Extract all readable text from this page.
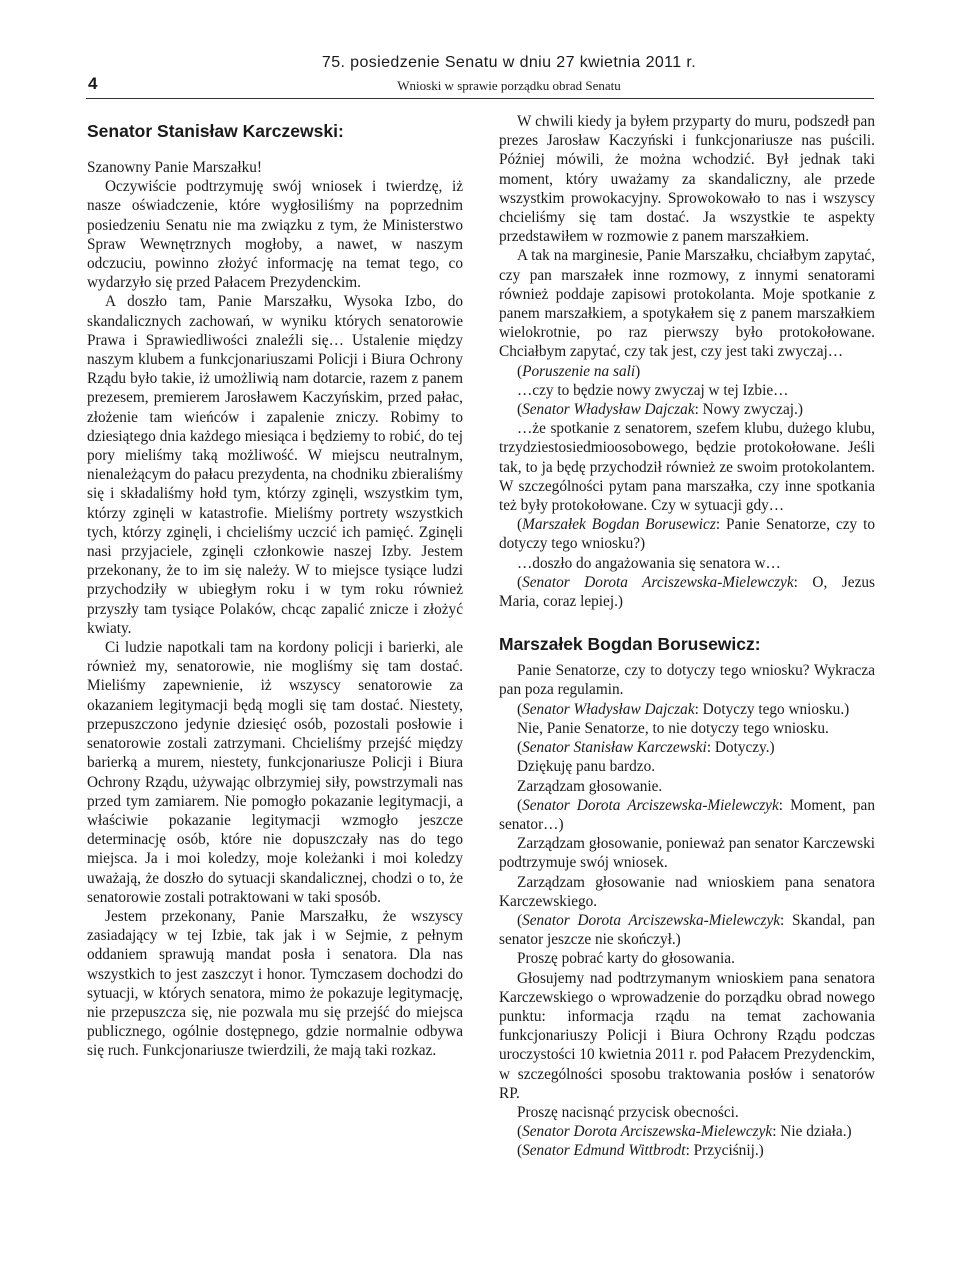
4
75. posiedzenie Senatu w dniu 27 kwietnia 2011 r.
Wnioski w sprawie porządku obrad Senatu
Senator Stanisław Karczewski:

Szanowny Panie Marszałku!

Oczywiście podtrzymuję swój wniosek i twierdzę, iż nasze oświadczenie, które wygłosiliśmy na poprzednim posiedzeniu Senatu nie ma związku z tym, że Ministerstwo Spraw Wewnętrznych mogłoby, a nawet, w naszym odczuciu, powinno złożyć informację na temat tego, co wydarzyło się przed Pałacem Prezydenckim.

A doszło tam, Panie Marszałku, Wysoka Izbo, do skandalicznych zachowań, w wyniku których senatorowie Prawa i Sprawiedliwości znaleźli się… Ustalenie między naszym klubem a funkcjonariuszami Policji i Biura Ochrony Rządu było takie, iż umożliwią nam dotarcie, razem z panem prezesem, premierem Jarosławem Kaczyńskim, przed pałac, złożenie tam wieńców i zapalenie zniczy. Robimy to dziesiątego dnia każdego miesiąca i będziemy to robić, do tej pory mieliśmy taką możliwość. W miejscu neutralnym, nienależącym do pałacu prezydenta, na chodniku zbieraliśmy się i składaliśmy hołd tym, którzy zginęli, wszystkim tym, którzy zginęli w katastrofie. Mieliśmy portrety wszystkich tych, którzy zginęli, i chcieliśmy uczcić ich pamięć. Zginęli nasi przyjaciele, zginęli członkowie naszej Izby. Jestem przekonany, że to im się należy. W to miejsce tysiące ludzi przychodziły w ubiegłym roku i w tym roku również przyszły tam tysiące Polaków, chcąc zapalić znicze i złożyć kwiaty.

Ci ludzie napotkali tam na kordony policji i barierki, ale również my, senatorowie, nie mogliśmy się tam dostać. Mieliśmy zapewnienie, iż wszyscy senatorowie za okazaniem legitymacji będą mogli się tam dostać. Niestety, przepuszczono jedynie dziesięć osób, pozostali posłowie i senatorowie zostali zatrzymani. Chcieliśmy przejść między barierką a murem, niestety, funkcjonariusze Policji i Biura Ochrony Rządu, używając olbrzymiej siły, powstrzymali nas przed tym zamiarem. Nie pomogło pokazanie legitymacji, a właściwie pokazanie legitymacji wzmogło jeszcze determinację osób, które nie dopuszczały nas do tego miejsca. Ja i moi koledzy, moje koleżanki i moi koledzy uważają, że doszło do sytuacji skandalicznej, chodzi o to, że senatorowie zostali potraktowani w taki sposób.

Jestem przekonany, Panie Marszałku, że wszyscy zasiadający w tej Izbie, tak jak i w Sejmie, z pełnym oddaniem sprawują mandat posła i senatora. Dla nas wszystkich to jest zaszczyt i honor. Tymczasem dochodzi do sytuacji, w których senatora, mimo że pokazuje legitymację, nie przepuszcza się, nie pozwala mu się przejść do miejsca publicznego, ogólnie dostępnego, gdzie normalnie odbywa się ruch. Funkcjonariusze twierdzili, że mają taki rozkaz.

W chwili kiedy ja byłem przyparty do muru, podszedł pan prezes Jarosław Kaczyński i funkcjonariusze nas puścili. Później mówili, że można wchodzić. Był jednak taki moment, który uważamy za skandaliczny, ale przede wszystkim prowokacyjny. Sprowokowało to nas i wszyscy chcieliśmy się tam dostać. Ja wszystkie te aspekty przedstawiłem w rozmowie z panem marszałkiem.

A tak na marginesie, Panie Marszałku, chciałbym zapytać, czy pan marszałek inne rozmowy, z innymi senatorami również poddaje zapisowi protokolanta. Moje spotkanie z panem marszałkiem, a spotykałem się z panem marszałkiem wielokrotnie, po raz pierwszy było protokołowane. Chciałbym zapytać, czy tak jest, czy jest taki zwyczaj…

(Poruszenie na sali)

…czy to będzie nowy zwyczaj w tej Izbie…

(Senator Władysław Dajczak: Nowy zwyczaj.)

…że spotkanie z senatorem, szefem klubu, dużego klubu, trzydziestosiedmioosobowego, będzie protokołowane. Jeśli tak, to ja będę przychodził również ze swoim protokolantem. W szczególności pytam pana marszałka, czy inne spotkania też były protokołowane. Czy w sytuacji gdy…

(Marszałek Bogdan Borusewicz: Panie Senatorze, czy to dotyczy tego wniosku?)

…doszło do angażowania się senatora w…

(Senator Dorota Arciszewska-Mielewczyk: O, Jezus Maria, coraz lepiej.)

Marszałek Bogdan Borusewicz:

Panie Senatorze, czy to dotyczy tego wniosku? Wykracza pan poza regulamin.

(Senator Władysław Dajczak: Dotyczy tego wniosku.)

Nie, Panie Senatorze, to nie dotyczy tego wniosku.

(Senator Stanisław Karczewski: Dotyczy.)

Dziękuję panu bardzo.

Zarządzam głosowanie.

(Senator Dorota Arciszewska-Mielewczyk: Moment, pan senator…)

Zarządzam głosowanie, ponieważ pan senator Karczewski podtrzymuje swój wniosek.

Zarządzam głosowanie nad wnioskiem pana senatora Karczewskiego.

(Senator Dorota Arciszewska-Mielewczyk: Skandal, pan senator jeszcze nie skończył.)

Proszę pobrać karty do głosowania.

Głosujemy nad podtrzymanym wnioskiem pana senatora Karczewskiego o wprowadzenie do porządku obrad nowego punktu: informacja rządu na temat zachowania funkcjonariuszy Policji i Biura Ochrony Rządu podczas uroczystości 10 kwietnia 2011 r. pod Pałacem Prezydenckim, w szczególności sposobu traktowania posłów i senatorów RP.

Proszę nacisnąć przycisk obecności.

(Senator Dorota Arciszewska-Mielewczyk: Nie działa.)

(Senator Edmund Wittbrodt: Przyciśnij.)
